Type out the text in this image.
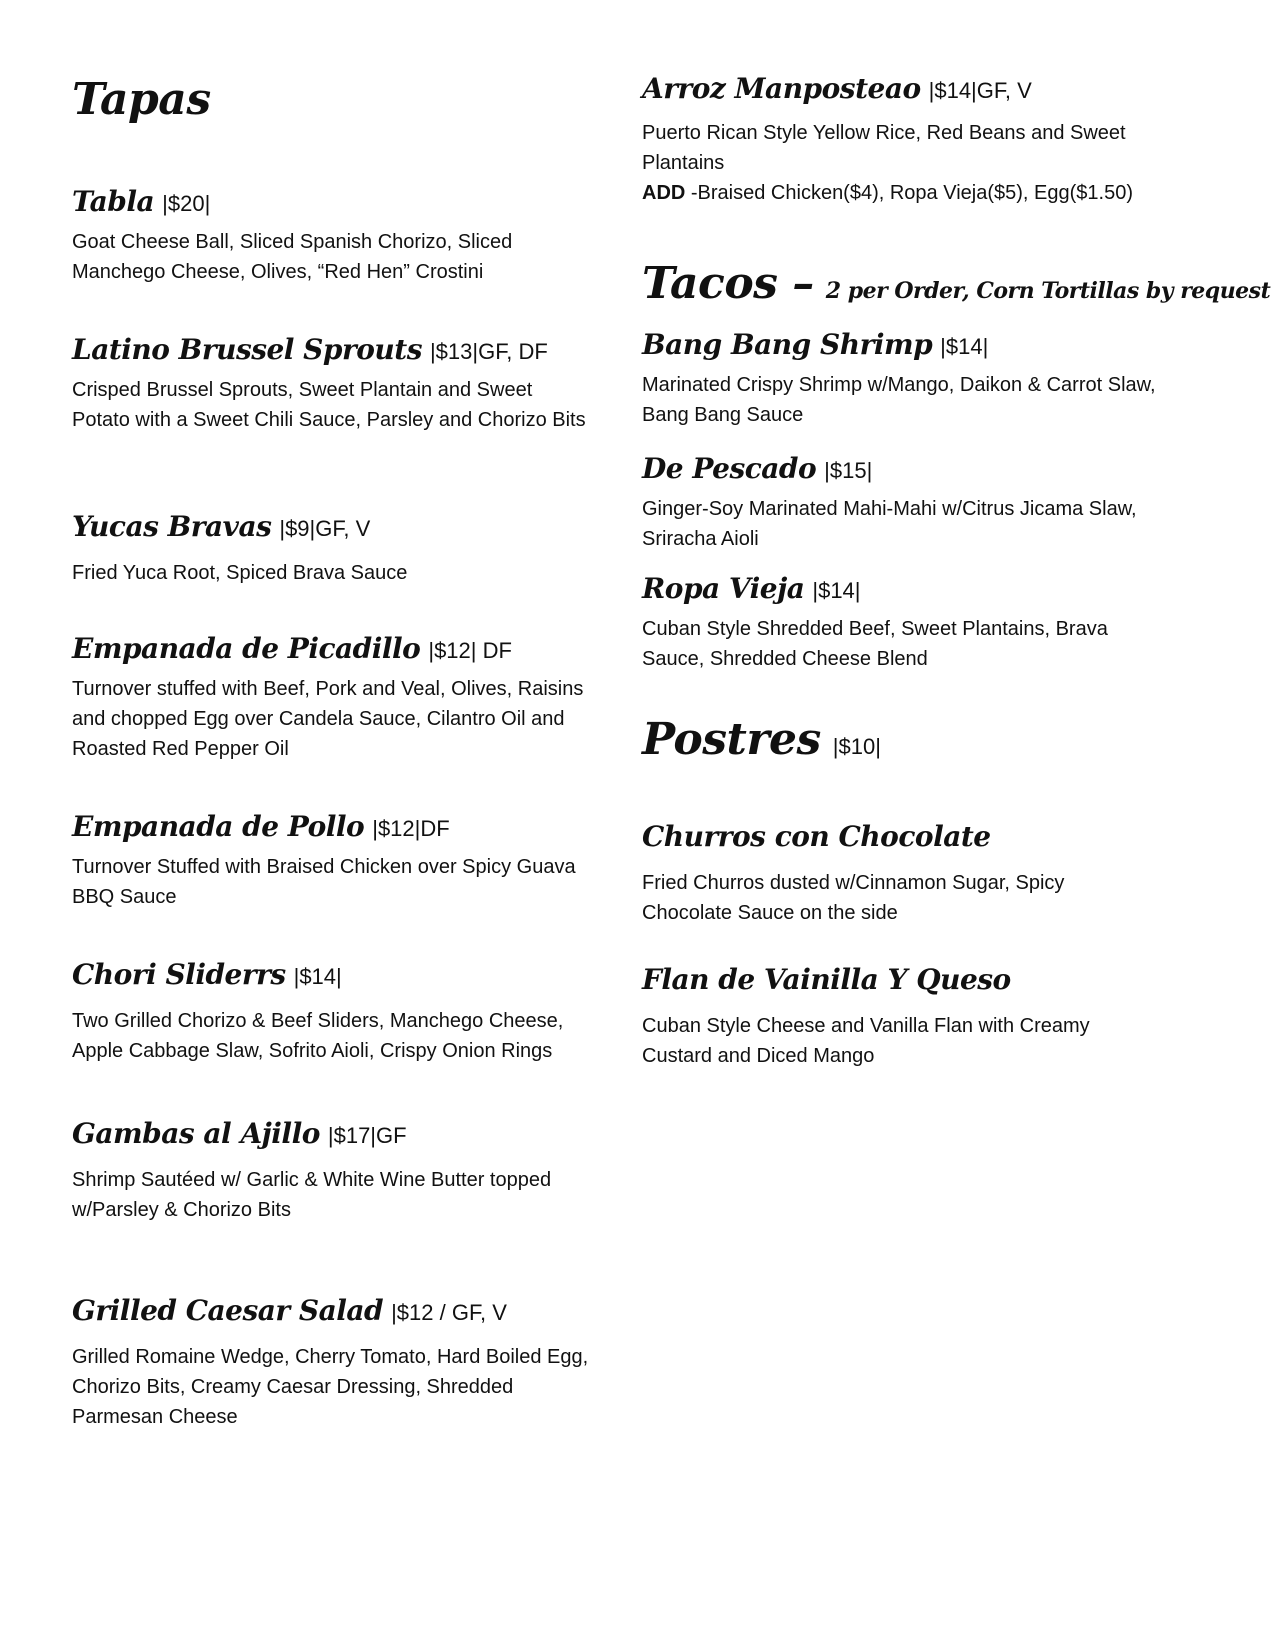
Tapas
Tabla |$20|
Goat Cheese Ball, Sliced Spanish Chorizo, Sliced Manchego Cheese, Olives, “Red Hen” Crostini
Latino Brussel Sprouts |$13|GF, DF
Crisped Brussel Sprouts, Sweet Plantain and Sweet Potato with a Sweet Chili Sauce, Parsley and Chorizo Bits
Yucas Bravas |$9|GF, V
Fried Yuca Root, Spiced Brava Sauce
Empanada de Picadillo |$12| DF
Turnover stuffed with Beef, Pork and Veal, Olives, Raisins and chopped Egg over Candela Sauce, Cilantro Oil and Roasted Red Pepper Oil
Empanada de Pollo |$12|DF
Turnover Stuffed with Braised Chicken over Spicy Guava BBQ Sauce
Chori Sliderrs |$14|
Two Grilled Chorizo & Beef Sliders, Manchego Cheese, Apple Cabbage Slaw, Sofrito Aioli, Crispy Onion Rings
Gambas al Ajillo |$17|GF
Shrimp Sautéed w/ Garlic & White Wine Butter topped w/Parsley & Chorizo Bits
Grilled Caesar Salad |$12 / GF, V
Grilled Romaine Wedge, Cherry Tomato, Hard Boiled Egg, Chorizo Bits, Creamy Caesar Dressing, Shredded Parmesan Cheese
Arroz Manposteao |$14|GF, V
Puerto Rican Style Yellow Rice, Red Beans and Sweet Plantains
ADD -Braised Chicken($4), Ropa Vieja($5), Egg($1.50)
Tacos – 2 per Order, Corn Tortillas by request
Bang Bang Shrimp |$14|
Marinated Crispy Shrimp w/Mango, Daikon & Carrot Slaw, Bang Bang Sauce
De Pescado |$15|
Ginger-Soy Marinated Mahi-Mahi w/Citrus Jicama Slaw, Sriracha Aioli
Ropa Vieja |$14|
Cuban Style Shredded Beef, Sweet Plantains, Brava Sauce, Shredded Cheese Blend
Postres |$10|
Churros con Chocolate
Fried Churros dusted w/Cinnamon Sugar, Spicy Chocolate Sauce on the side
Flan de Vainilla Y Queso
Cuban Style Cheese and Vanilla Flan with Creamy Custard and Diced Mango
